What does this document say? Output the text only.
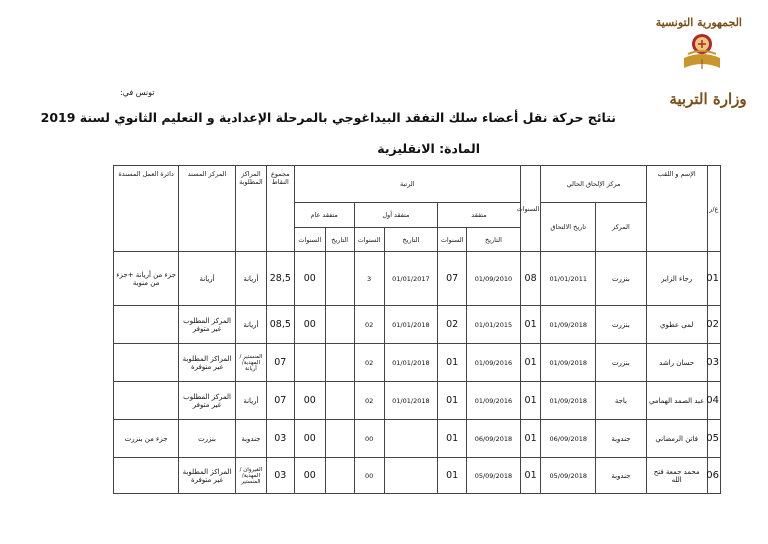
الجمهورية التونسية
وزارة التربية
تونس في:
نتائج حركة نقل أعضاء سلك التفقد البيداغوجي بالمرحلة الإعدادية و التعليم الثانوي لسنة 2019
المادة: الانقليزية
ع/ر	الإسم و اللقب	مركز الإلحاق الحالي		السنوات	الرتبة						مجموع النقاط	المراكز المطلوبة	المركز المسند	دائرة العمل المسندة
		المركز	تاريخ الالتحاق		متفقد		متفقد أول		متفقد عام					
					التاريخ	السنوات	التاريخ	السنوات	التاريخ	السنوات				
01	رجاء الزاير	بنزرت	01/01/2011	08	01/09/2010	07	01/01/2017	3		00	28,5	أريانة	أريانة	جزء من أريانة +جزء من منوبة
02	لمى عطوي	بنزرت	01/09/2018	01	01/01/2015	02	01/01/2018	02		00	08,5	أريانة	المركز المطلوب غير متوفر	
03	حسان راشد	بنزرت	01/09/2018	01	01/09/2016	01	01/01/2018	02			07	المنستير /المهدية/ أريانة	المراكز المطلوبة غير متوفرة	
04	عبد الصمد الهمامي	باجة	01/09/2018	01	01/09/2016	01	01/01/2018	02		00	07	أريانة	المركز المطلوب غير متوفر	
05	فاتن الرمضاني	جندوبة	06/09/2018	01	06/09/2018	01		00		00	03	جندوبة	بنزرت	جزء من بنزرت
06	محمد جمعة فتح الله	جندوبة	05/09/2018	01	05/09/2018	01		00		00	03	القيروان /المهدية/ المنستير	المراكز المطلوبة غير متوفرة	
